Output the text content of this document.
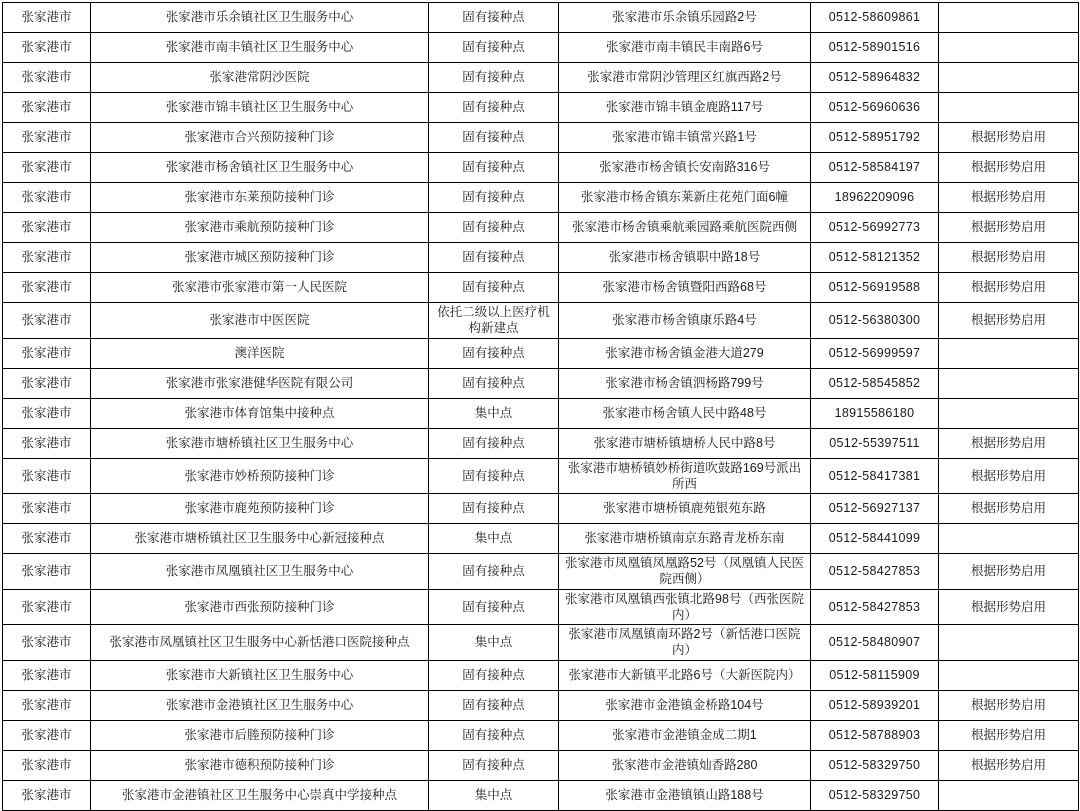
张家港市	张家港市乐余镇社区卫生服务中心	固有接种点	张家港市乐余镇乐园路2号	0512-58609861	
张家港市	张家港市南丰镇社区卫生服务中心	固有接种点	张家港市南丰镇民丰南路6号	0512-58901516	
张家港市	张家港常阴沙医院	固有接种点	张家港市常阴沙管理区红旗西路2号	0512-58964832	
张家港市	张家港市锦丰镇社区卫生服务中心	固有接种点	张家港市锦丰镇金鹿路117号	0512-56960636	
张家港市	张家港市合兴预防接种门诊	固有接种点	张家港市锦丰镇常兴路1号	0512-58951792	根据形势启用
张家港市	张家港市杨舍镇社区卫生服务中心	固有接种点	张家港市杨舍镇长安南路316号	0512-58584197	根据形势启用
张家港市	张家港市东莱预防接种门诊	固有接种点	张家港市杨舍镇东莱新庄花苑门面6幢	18962209096	根据形势启用
张家港市	张家港市乘航预防接种门诊	固有接种点	张家港市杨舍镇乘航乘园路乘航医院西侧	0512-56992773	根据形势启用
张家港市	张家港市城区预防接种门诊	固有接种点	张家港市杨舍镇职中路18号	0512-58121352	根据形势启用
张家港市	张家港市张家港市第一人民医院	固有接种点	张家港市杨舍镇暨阳西路68号	0512-56919588	根据形势启用
张家港市	张家港市中医医院	依托二级以上医疗机构新建点	张家港市杨舍镇康乐路4号	0512-56380300	根据形势启用
张家港市	澳洋医院	固有接种点	张家港市杨舍镇金港大道279	0512-56999597	
张家港市	张家港市张家港健华医院有限公司	固有接种点	张家港市杨舍镇泗杨路799号	0512-58545852	
张家港市	张家港市体育馆集中接种点	集中点	张家港市杨舍镇人民中路48号	18915586180	
张家港市	张家港市塘桥镇社区卫生服务中心	固有接种点	张家港市塘桥镇塘桥人民中路8号	0512-55397511	根据形势启用
张家港市	张家港市妙桥预防接种门诊	固有接种点	张家港市塘桥镇妙桥街道吹鼓路169号派出所西	0512-58417381	根据形势启用
张家港市	张家港市鹿苑预防接种门诊	固有接种点	张家港市塘桥镇鹿苑银苑东路	0512-56927137	根据形势启用
张家港市	张家港市塘桥镇社区卫生服务中心新冠接种点	集中点	张家港市塘桥镇南京东路青龙桥东南	0512-58441099	
张家港市	张家港市凤凰镇社区卫生服务中心	固有接种点	张家港市凤凰镇凤凰路52号（凤凰镇人民医院西侧）	0512-58427853	根据形势启用
张家港市	张家港市西张预防接种门诊	固有接种点	张家港市凤凰镇西张镇北路98号（西张医院内）	0512-58427853	根据形势启用
张家港市	张家港市凤凰镇社区卫生服务中心新恬港口医院接种点	集中点	张家港市凤凰镇南环路2号（新恬港口医院内）	0512-58480907	
张家港市	张家港市大新镇社区卫生服务中心	固有接种点	张家港市大新镇平北路6号（大新医院内）	0512-58115909	
张家港市	张家港市金港镇社区卫生服务中心	固有接种点	张家港市金港镇金桥路104号	0512-58939201	根据形势启用
张家港市	张家港市后塍预防接种门诊	固有接种点	张家港市金港镇金成二期1	0512-58788903	根据形势启用
张家港市	张家港市德积预防接种门诊	固有接种点	张家港市金港镇灿香路280	0512-58329750	根据形势启用
张家港市	张家港市金港镇社区卫生服务中心崇真中学接种点	集中点	张家港市金港镇镇山路188号	0512-58329750	
